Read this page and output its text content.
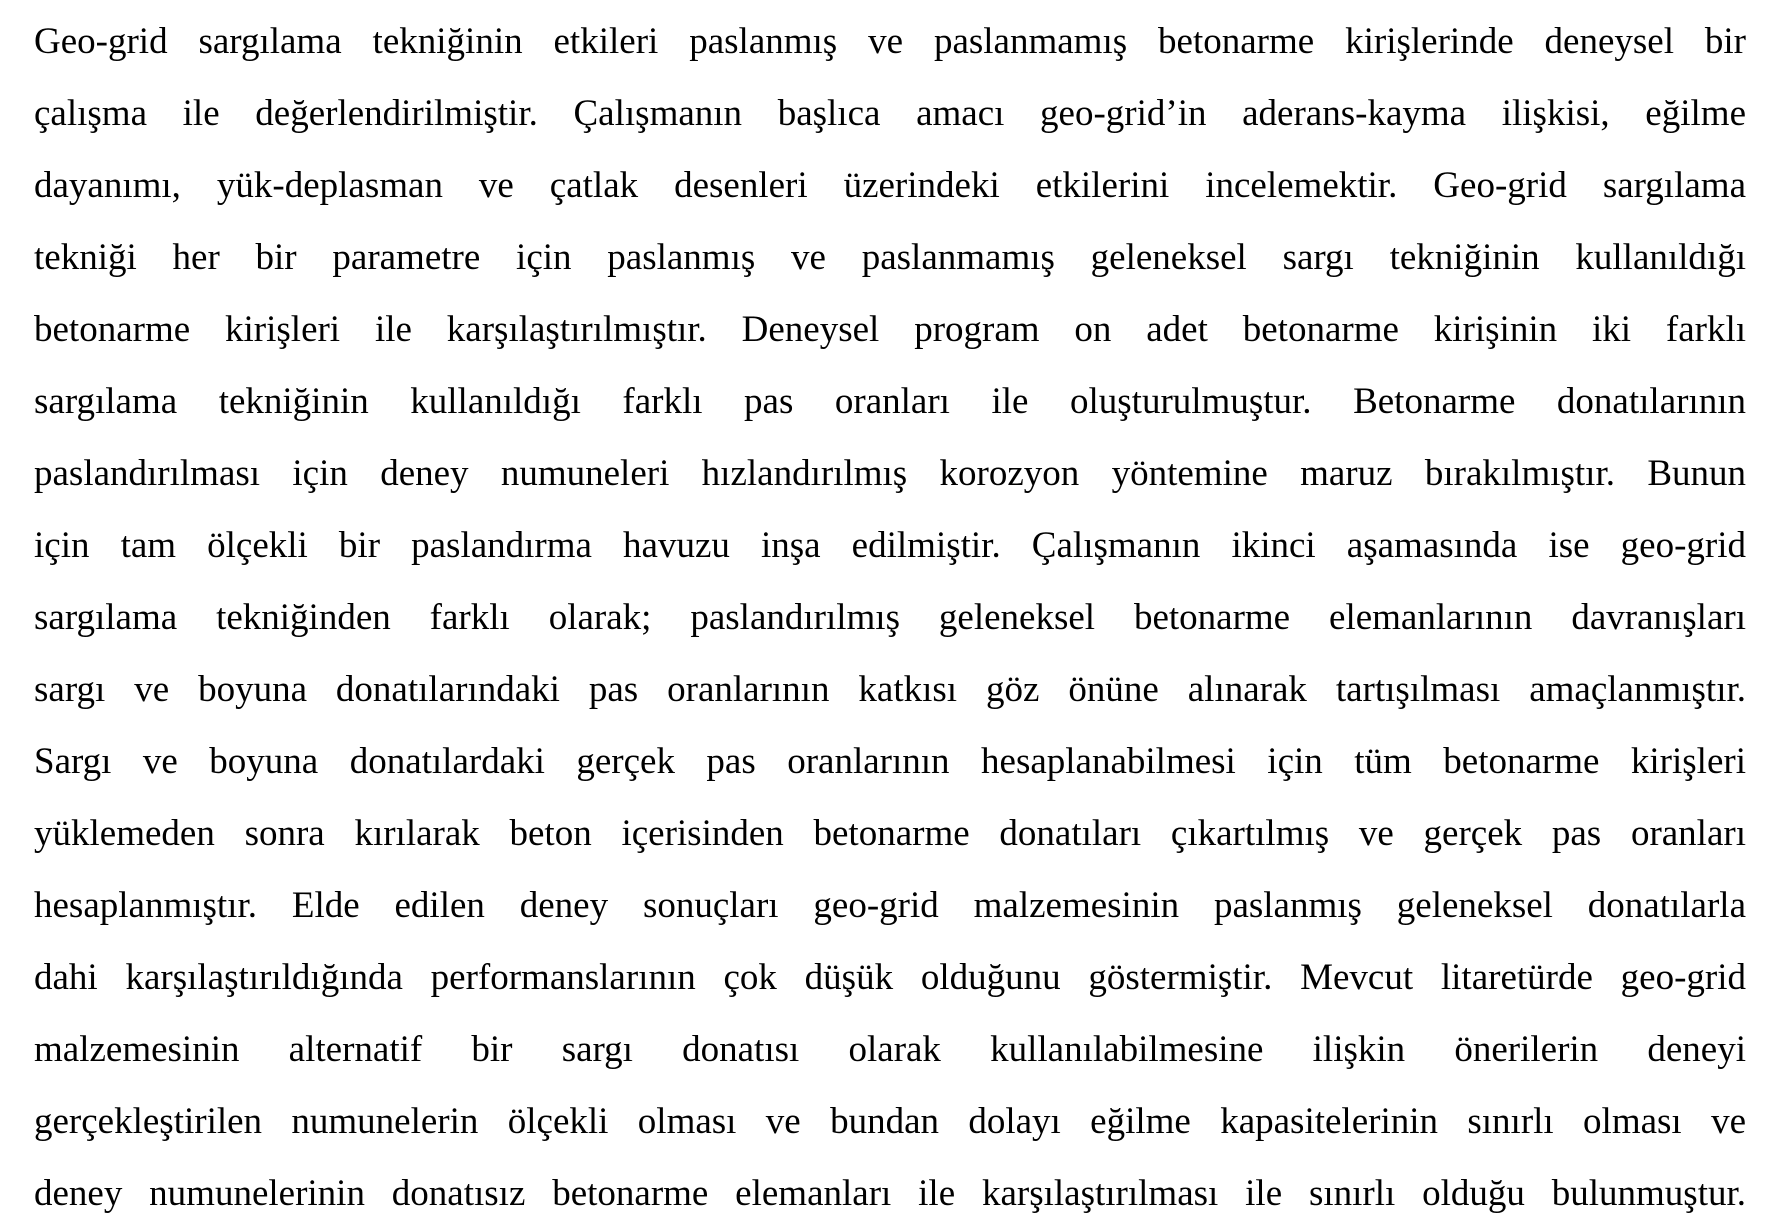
Geo-grid sargılama tekniğinin etkileri paslanmış ve paslanmamış betonarme kirişlerinde deneysel bir
çalışma ile değerlendirilmiştir. Çalışmanın başlıca amacı geo-grid’in aderans-kayma ilişkisi, eğilme
dayanımı, yük-deplasman ve çatlak desenleri üzerindeki etkilerini incelemektir. Geo-grid sargılama
tekniği her bir parametre için paslanmış ve paslanmamış geleneksel sargı tekniğinin kullanıldığı
betonarme kirişleri ile karşılaştırılmıştır. Deneysel program on adet betonarme kirişinin iki farklı
sargılama tekniğinin kullanıldığı farklı pas oranları ile oluşturulmuştur. Betonarme donatılarının
paslandırılması için deney numuneleri hızlandırılmış korozyon yöntemine maruz bırakılmıştır. Bunun
için tam ölçekli bir paslandırma havuzu inşa edilmiştir. Çalışmanın ikinci aşamasında ise geo-grid
sargılama tekniğinden farklı olarak; paslandırılmış geleneksel betonarme elemanlarının davranışları
sargı ve boyuna donatılarındaki pas oranlarının katkısı göz önüne alınarak tartışılması amaçlanmıştır.
Sargı ve boyuna donatılardaki gerçek pas oranlarının hesaplanabilmesi için tüm betonarme kirişleri
yüklemeden sonra kırılarak beton içerisinden betonarme donatıları çıkartılmış ve gerçek pas oranları
hesaplanmıştır. Elde edilen deney sonuçları geo-grid malzemesinin paslanmış geleneksel donatılarla
dahi karşılaştırıldığında performanslarının çok düşük olduğunu göstermiştir. Mevcut litaretürde geo-grid
malzemesinin alternatif bir sargı donatısı olarak kullanılabilmesine ilişkin önerilerin deneyi
gerçekleştirilen numunelerin ölçekli olması ve bundan dolayı eğilme kapasitelerinin sınırlı olması ve
deney numunelerinin donatısız betonarme elemanları ile karşılaştırılması ile sınırlı olduğu bulunmuştur.
